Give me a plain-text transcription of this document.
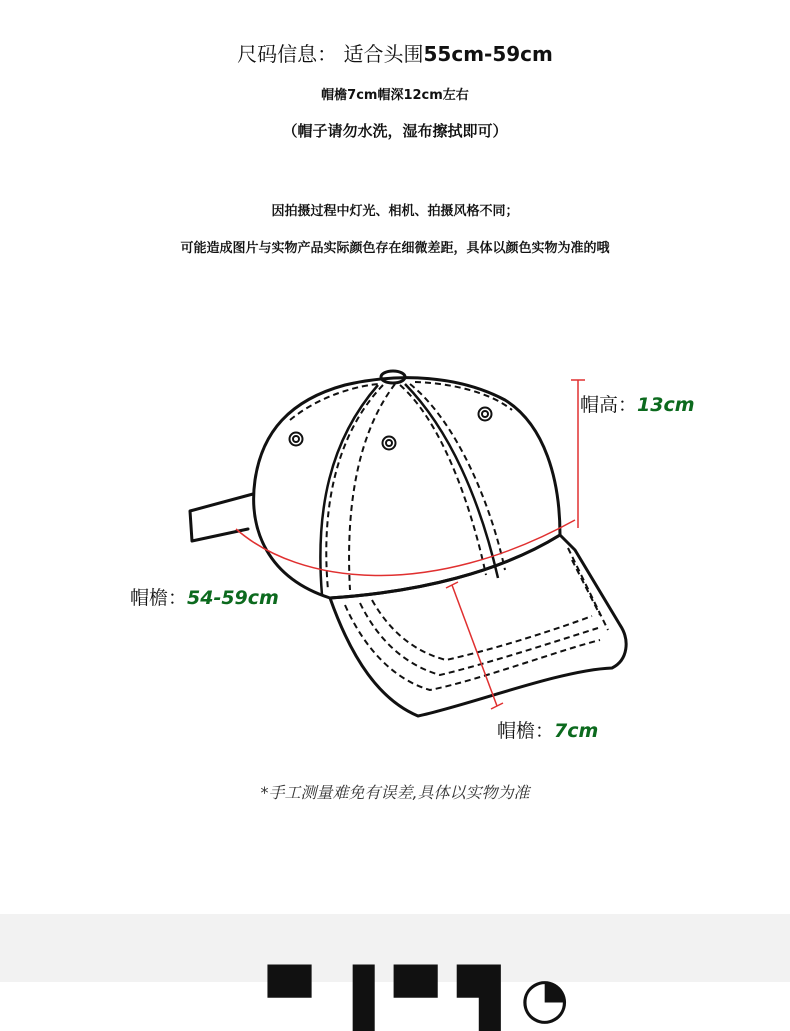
尺码信息： 适合头围55cm-59cm
帽檐7cm帽深12cm左右
（帽子请勿水洗，湿布擦拭即可）
因拍摄过程中灯光、相机、拍摄风格不同；
可能造成图片与实物产品实际颜色存在细微差距，具体以颜色实物为准的哦
帽高：13cm
帽檐：54-59cm
帽檐：7cm
*手工测量难免有误差,具体以实物为准
▀▐▀▜◔
